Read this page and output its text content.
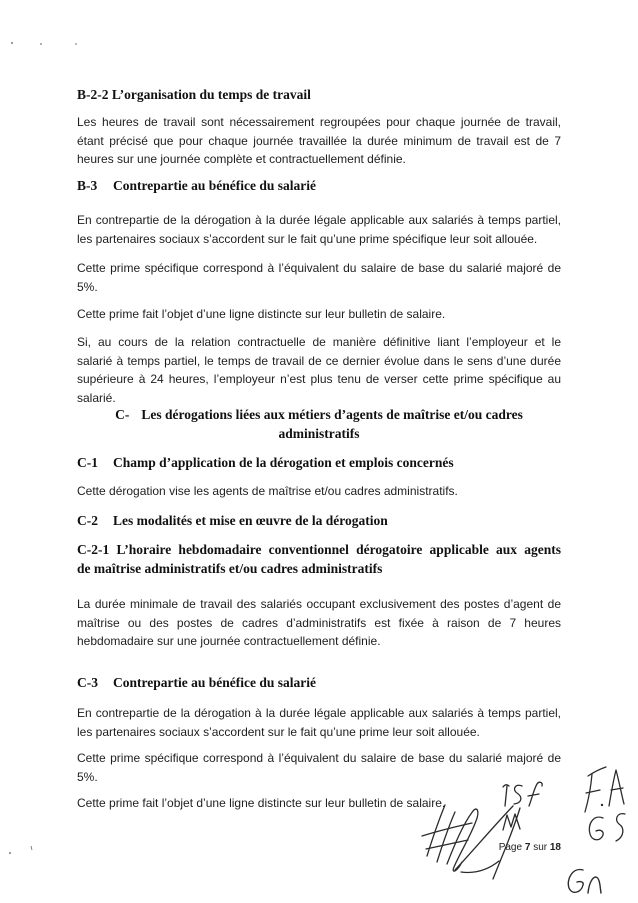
B-2-2 L’organisation du temps de travail
Les heures de travail sont nécessairement regroupées pour chaque journée de travail,
étant précisé que pour chaque journée travaillée la durée minimum de travail est de 7
heures sur une journée complète et contractuellement définie.
B-3 Contrepartie au bénéfice du salarié
En contrepartie de la dérogation à la durée légale applicable aux salariés à temps partiel,
les partenaires sociaux s’accordent sur le fait qu’une prime spécifique leur soit allouée.
Cette prime spécifique correspond à l’équivalent du salaire de base du salarié majoré de
5%.
Cette prime fait l’objet d’une ligne distincte sur leur bulletin de salaire.
Si, au cours de la relation contractuelle de manière définitive liant l’employeur et le
salarié à temps partiel, le temps de travail de ce dernier évolue dans le sens d’une durée
supérieure à 24 heures, l’employeur n’est plus tenu de verser cette prime spécifique au
salarié.
C- Les dérogations liées aux métiers d’agents de maîtrise et/ou cadres
administratifs
C-1 Champ d’application de la dérogation et emplois concernés
Cette dérogation vise les agents de maîtrise et/ou cadres administratifs.
C-2 Les modalités et mise en œuvre de la dérogation
C-2-1 L’horaire hebdomadaire conventionnel dérogatoire applicable aux agents
de maîtrise administratifs et/ou cadres administratifs
La durée minimale de travail des salariés occupant exclusivement des postes d’agent de
maîtrise ou des postes de cadres d’administratifs est fixée à raison de 7 heures
hebdomadaire sur une journée contractuellement définie.
C-3 Contrepartie au bénéfice du salarié
En contrepartie de la dérogation à la durée légale applicable aux salariés à temps partiel,
les partenaires sociaux s’accordent sur le fait qu’une prime leur soit allouée.
Cette prime spécifique correspond à l’équivalent du salaire de base du salarié majoré de
5%.
Cette prime fait l’objet d’une ligne distincte sur leur bulletin de salaire.
Page 7 sur 18
